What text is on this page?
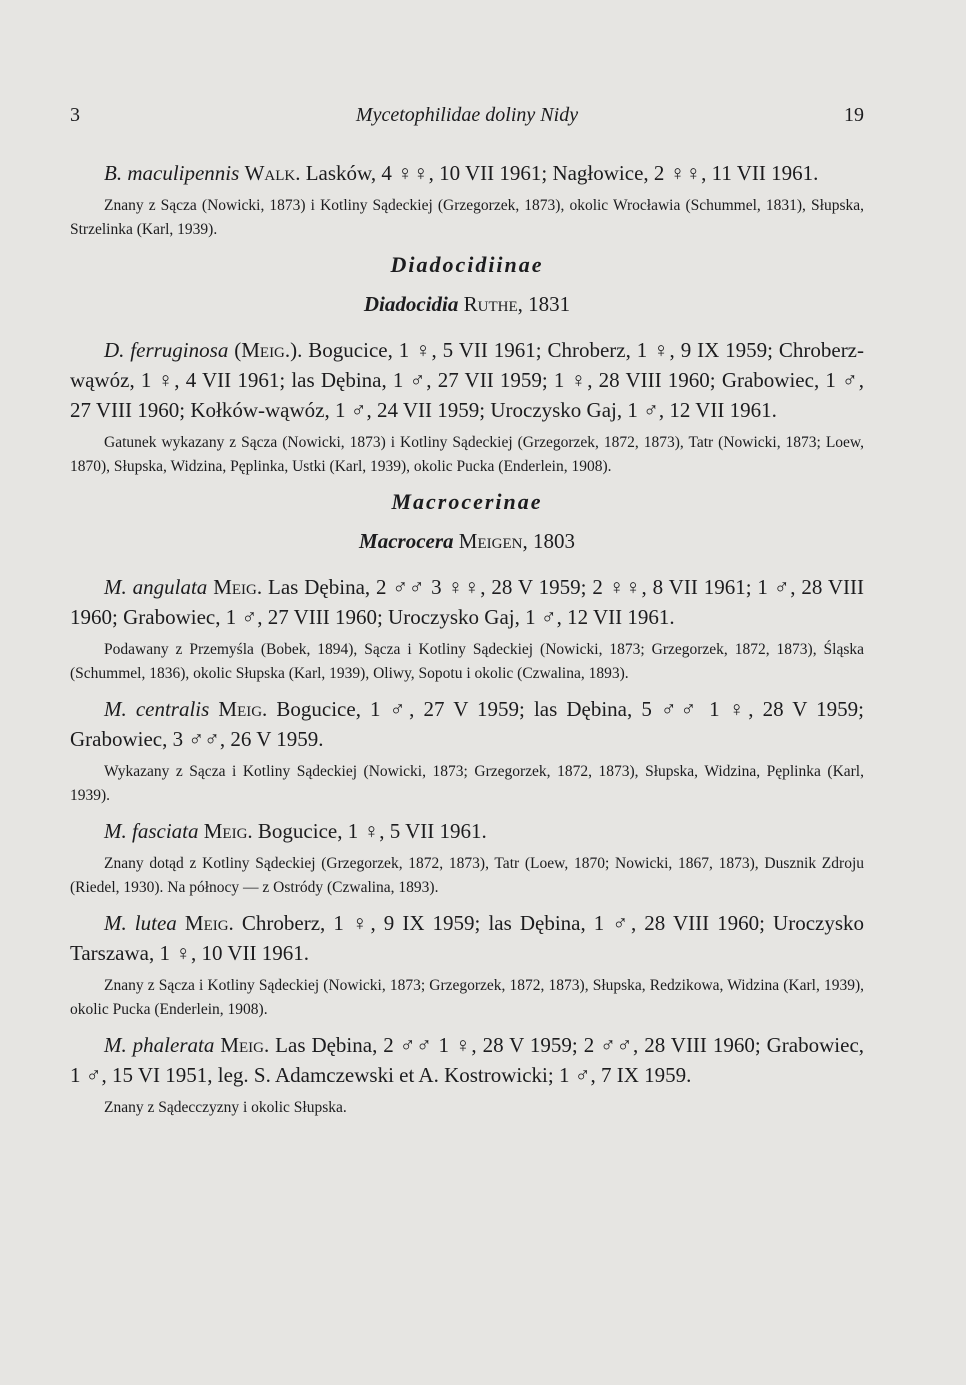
3	Mycetophilidae doliny Nidy	19

B. maculipennis Walk. Lasków, 4 ♀♀, 10 VII 1961; Nagłowice, 2 ♀♀, 11 VII 1961.

Znany z Sącza (Nowicki, 1873) i Kotliny Sądeckiej (Grzegorzek, 1873), okolic Wrocławia (Schummel, 1831), Słupska, Strzelinka (Karl, 1939).

Diadocidiinae
Diadocidia Ruthe, 1831

D. ferruginosa (Meig.). Bogucice, 1 ♀, 5 VII 1961; Chroberz, 1 ♀, 9 IX 1959; Chroberz-wąwóz, 1 ♀, 4 VII 1961; las Dębina, 1 ♂, 27 VII 1959; 1 ♀, 28 VIII 1960; Grabowiec, 1 ♂, 27 VIII 1960; Kołków-wąwóz, 1 ♂, 24 VII 1959; Uroczysko Gaj, 1 ♂, 12 VII 1961.

Gatunek wykazany z Sącza (Nowicki, 1873) i Kotliny Sądeckiej (Grzegorzek, 1872, 1873), Tatr (Nowicki, 1873; Loew, 1870), Słupska, Widzina, Pęplinka, Ustki (Karl, 1939), okolic Pucka (Enderlein, 1908).

Macrocerinae
Macrocera Meigen, 1803

M. angulata Meig. Las Dębina, 2 ♂♂ 3 ♀♀, 28 V 1959; 2 ♀♀, 8 VII 1961; 1 ♂, 28 VIII 1960; Grabowiec, 1 ♂, 27 VIII 1960; Uroczysko Gaj, 1 ♂, 12 VII 1961.

Podawany z Przemyśla (Bobek, 1894), Sącza i Kotliny Sądeckiej (Nowicki, 1873; Grzegorzek, 1872, 1873), Śląska (Schummel, 1836), okolic Słupska (Karl, 1939), Oliwy, Sopotu i okolic (Czwalina, 1893).

M. centralis Meig. Bogucice, 1 ♂, 27 V 1959; las Dębina, 5 ♂♂ 1 ♀, 28 V 1959; Grabowiec, 3 ♂♂, 26 V 1959.

Wykazany z Sącza i Kotliny Sądeckiej (Nowicki, 1873; Grzegorzek, 1872, 1873), Słupska, Widzina, Pęplinka (Karl, 1939).

M. fasciata Meig. Bogucice, 1 ♀, 5 VII 1961.

Znany dotąd z Kotliny Sądeckiej (Grzegorzek, 1872, 1873), Tatr (Loew, 1870; Nowicki, 1867, 1873), Dusznik Zdroju (Riedel, 1930). Na północy — z Ostródy (Czwalina, 1893).

M. lutea Meig. Chroberz, 1 ♀, 9 IX 1959; las Dębina, 1 ♂, 28 VIII 1960; Uroczysko Tarszawa, 1 ♀, 10 VII 1961.

Znany z Sącza i Kotliny Sądeckiej (Nowicki, 1873; Grzegorzek, 1872, 1873), Słupska, Redzikowa, Widzina (Karl, 1939), okolic Pucka (Enderlein, 1908).

M. phalerata Meig. Las Dębina, 2 ♂♂ 1 ♀, 28 V 1959; 2 ♂♂, 28 VIII 1960; Grabowiec, 1 ♂, 15 VI 1951, leg. S. Adamczewski et A. Kostrowicki; 1 ♂, 7 IX 1959.

Znany z Sądecczyzny i okolic Słupska.
